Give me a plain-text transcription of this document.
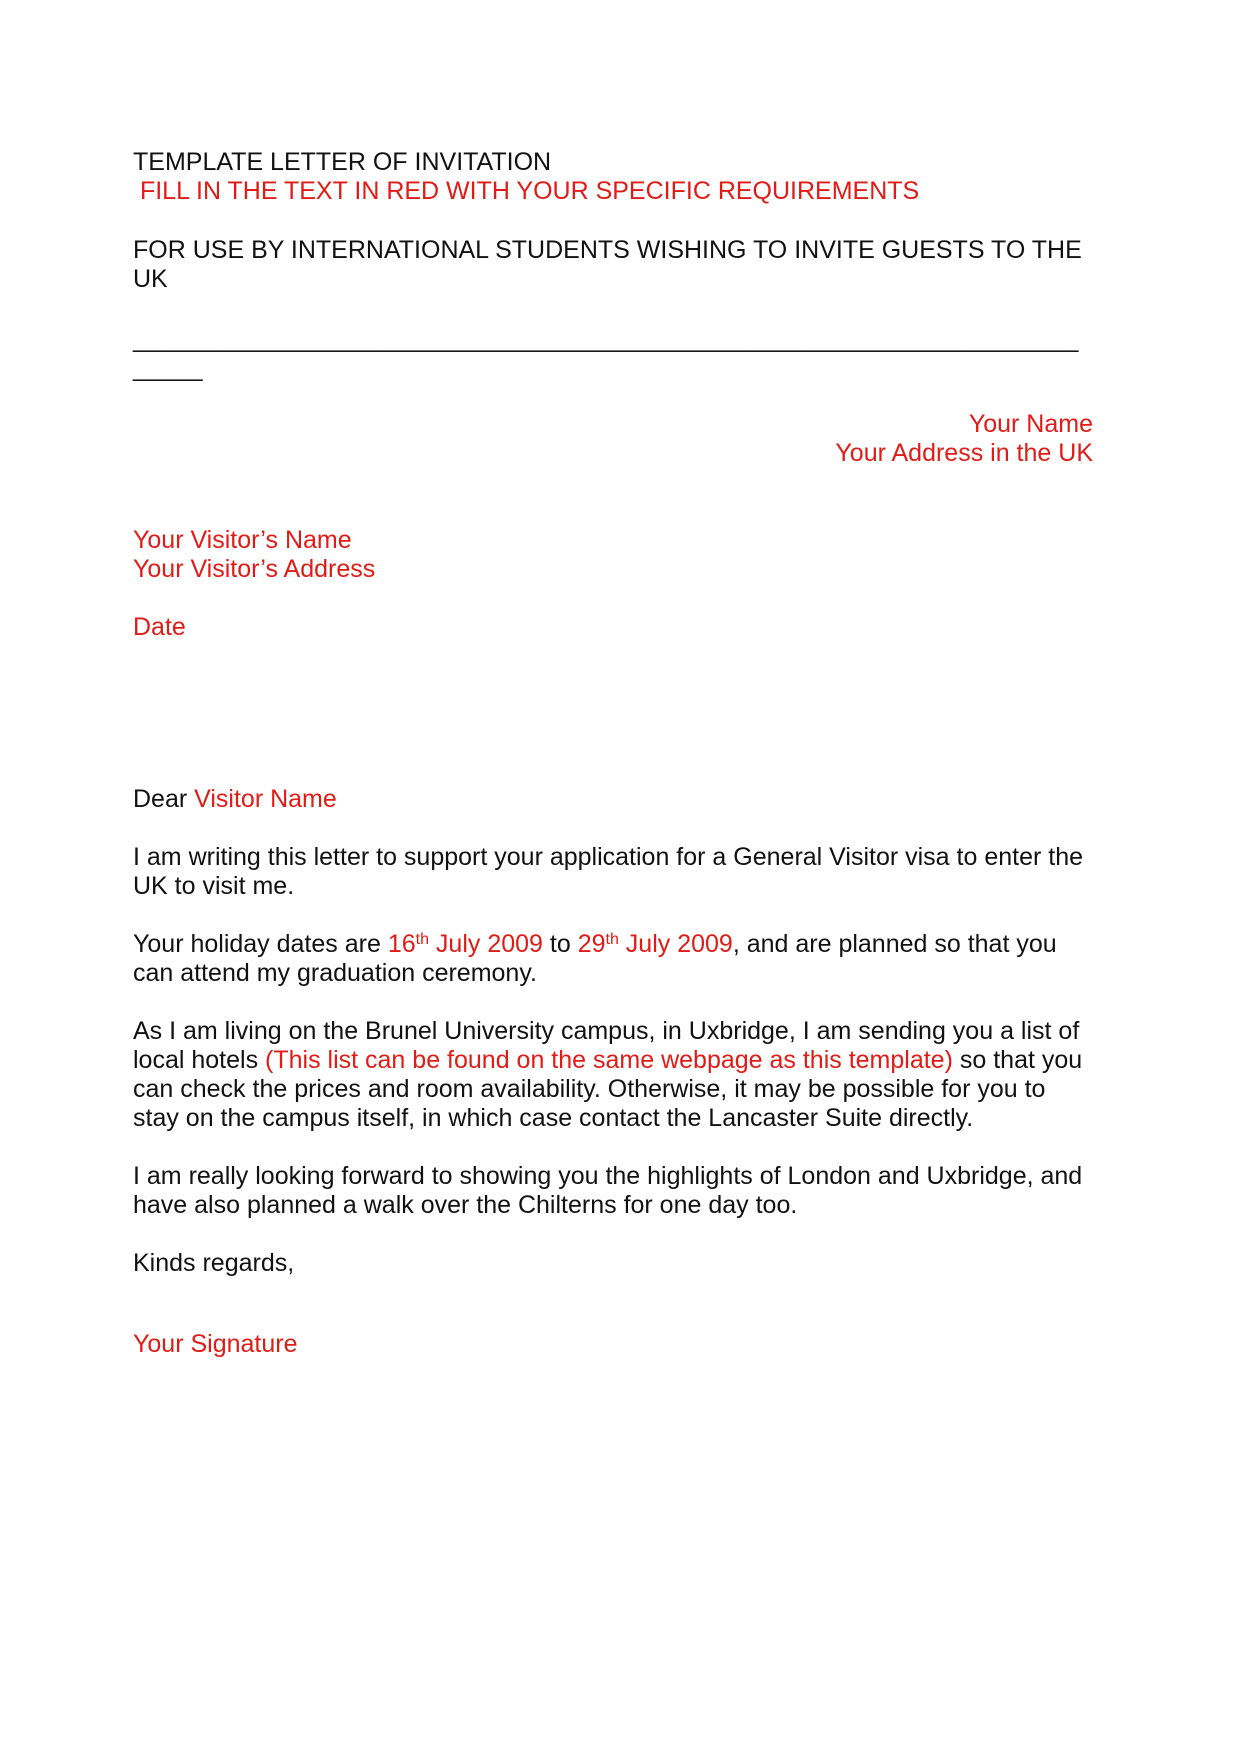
TEMPLATE LETTER OF INVITATION
FILL IN THE TEXT IN RED WITH YOUR SPECIFIC REQUIREMENTS
FOR USE BY INTERNATIONAL STUDENTS WISHING TO INVITE GUESTS TO THE UK
____________________________________________________________________
_____
Your Name
Your Address in the UK
Your Visitor’s Name
Your Visitor’s Address
Date
Dear Visitor Name
I am writing this letter to support your application for a General Visitor visa to enter the UK to visit me.
Your holiday dates are 16th July 2009 to 29th July 2009, and are planned so that you can attend my graduation ceremony.
As I am living on the Brunel University campus, in Uxbridge, I am sending you a list of local hotels (This list can be found on the same webpage as this template) so that you can check the prices and room availability. Otherwise, it may be possible for you to stay on the campus itself, in which case contact the Lancaster Suite directly.
I am really looking forward to showing you the highlights of London and Uxbridge, and have also planned a walk over the Chilterns for one day too.
Kinds regards,
Your Signature
